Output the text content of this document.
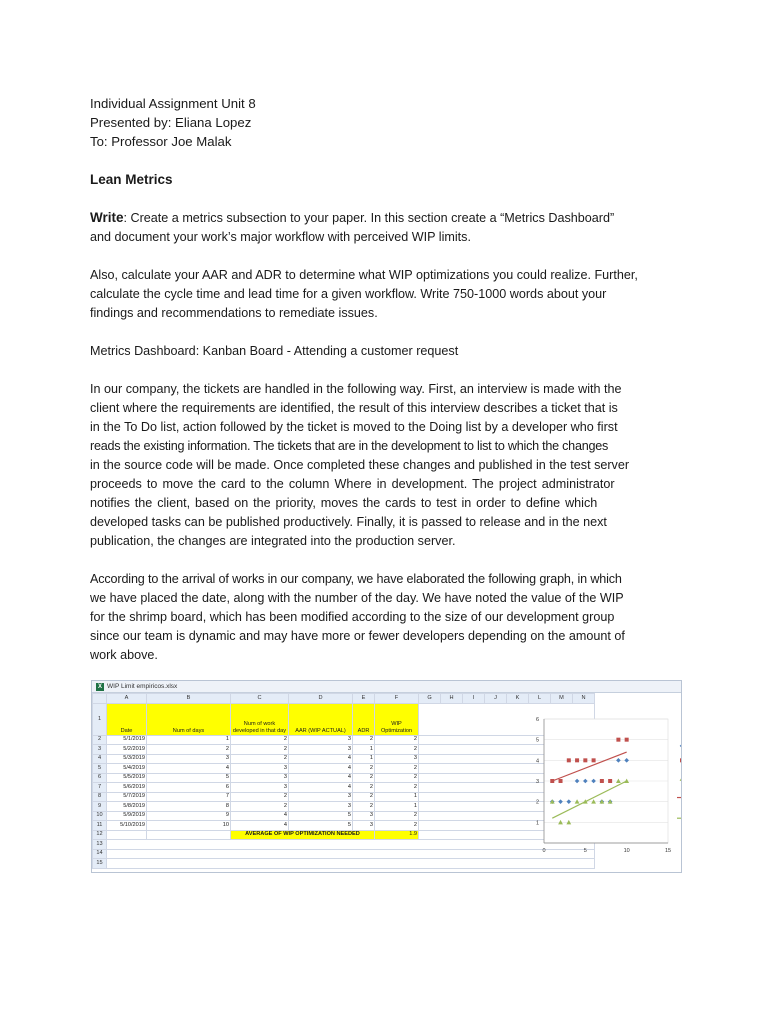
Individual Assignment Unit 8
Presented by: Eliana Lopez
To: Professor Joe Malak
Lean Metrics
Write: Create a metrics subsection to your paper. In this section create a “Metrics Dashboard”
and document your work’s major workflow with perceived WIP limits.
Also, calculate your AAR and ADR to determine what WIP optimizations you could realize. Further,
calculate the cycle time and lead time for a given workflow. Write 750-1000 words about your
findings and recommendations to remediate issues.
Metrics Dashboard: Kanban Board - Attending a customer request
In our company, the tickets are handled in the following way. First, an interview is made with the
client where the requirements are identified, the result of this interview describes a ticket that is
in the To Do list, action followed by the ticket is moved to the Doing list by a developer who first
reads the existing information. The tickets that are in the development to list to which the changes
in the source code will be made. Once completed these changes and published in the test server
proceeds to move the card to the column Where in development. The project administrator
notifies the client, based on the priority, moves the cards to test in order to define which
developed tasks can be published productively. Finally, it is passed to release and in the next
publication, the changes are integrated into the production server.
According to the arrival of works in our company, we have elaborated the following graph, in which
we have placed the date, along with the number of the day. We have noted the value of the WIP
for the shrimp board, which has been modified according to the size of our development group
since our team is dynamic and may have more or fewer developers depending on the amount of
work above.
X WIP Limit empiricos.xlsx
	A	B	C	D	E	F	G	H	I	J	K	L	M	N
1	Date	Num of days	Num of work developed in that day	AAR (WIP ACTUAL)	ADR	WIP Optimization								
2	5/1/2019	1	2	3	2	2								
3	5/2/2019	2	2	3	1	2								
4	5/3/2019	3	2	4	1	3								
5	5/4/2019	4	3	4	2	2								
6	5/5/2019	5	3	4	2	2								
7	5/6/2019	6	3	4	2	2								
8	5/7/2019	7	2	3	2	1								
9	5/8/2019	8	2	3	2	1								
10	5/9/2019	9	4	5	3	2								
11	5/10/2019	10	4	5	3	2								
12			AVERAGE OF WIP OPTIMIZATION NEEDED			1.9								
13														
14														
15														
1
2
3
4
5
6
0	5	10	15
Num of work
developed in that day
AAR
ADR
Linear (AAR)
Linear (ADR)
